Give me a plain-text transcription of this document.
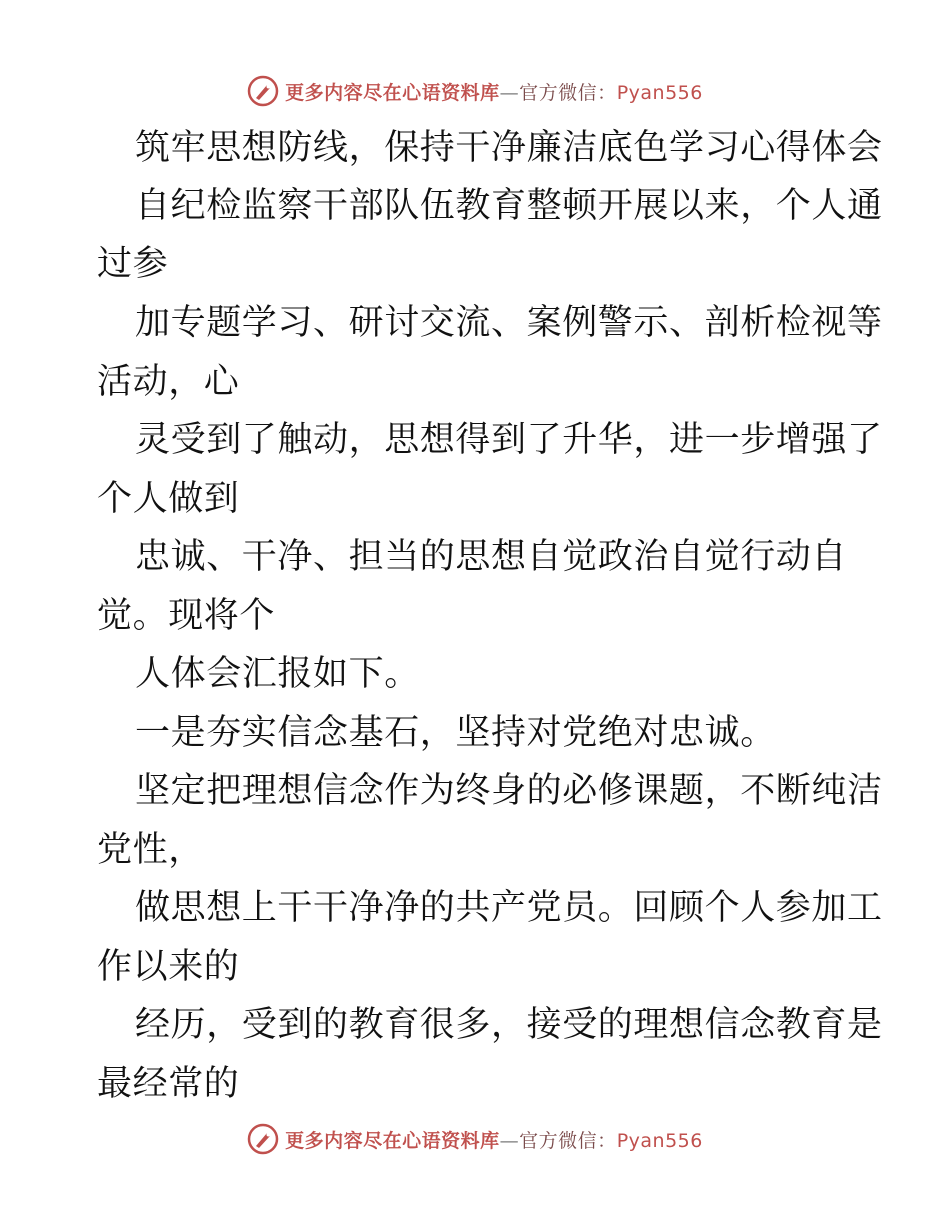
更多内容尽在心语资料库—官方微信：Pyan556
筑牢思想防线，保持干净廉洁底色学习心得体会
自纪检监察干部队伍教育整顿开展以来，个人通
过参
加专题学习、研讨交流、案例警示、剖析检视等
活动，心
灵受到了触动，思想得到了升华，进一步增强了
个人做到
忠诚、干净、担当的思想自觉政治自觉行动自
觉。现将个
人体会汇报如下。
一是夯实信念基石，坚持对党绝对忠诚。
坚定把理想信念作为终身的必修课题，不断纯洁
党性，
做思想上干干净净的共产党员。回顾个人参加工
作以来的
经历，受到的教育很多，接受的理想信念教育是
最经常的
更多内容尽在心语资料库—官方微信：Pyan556
